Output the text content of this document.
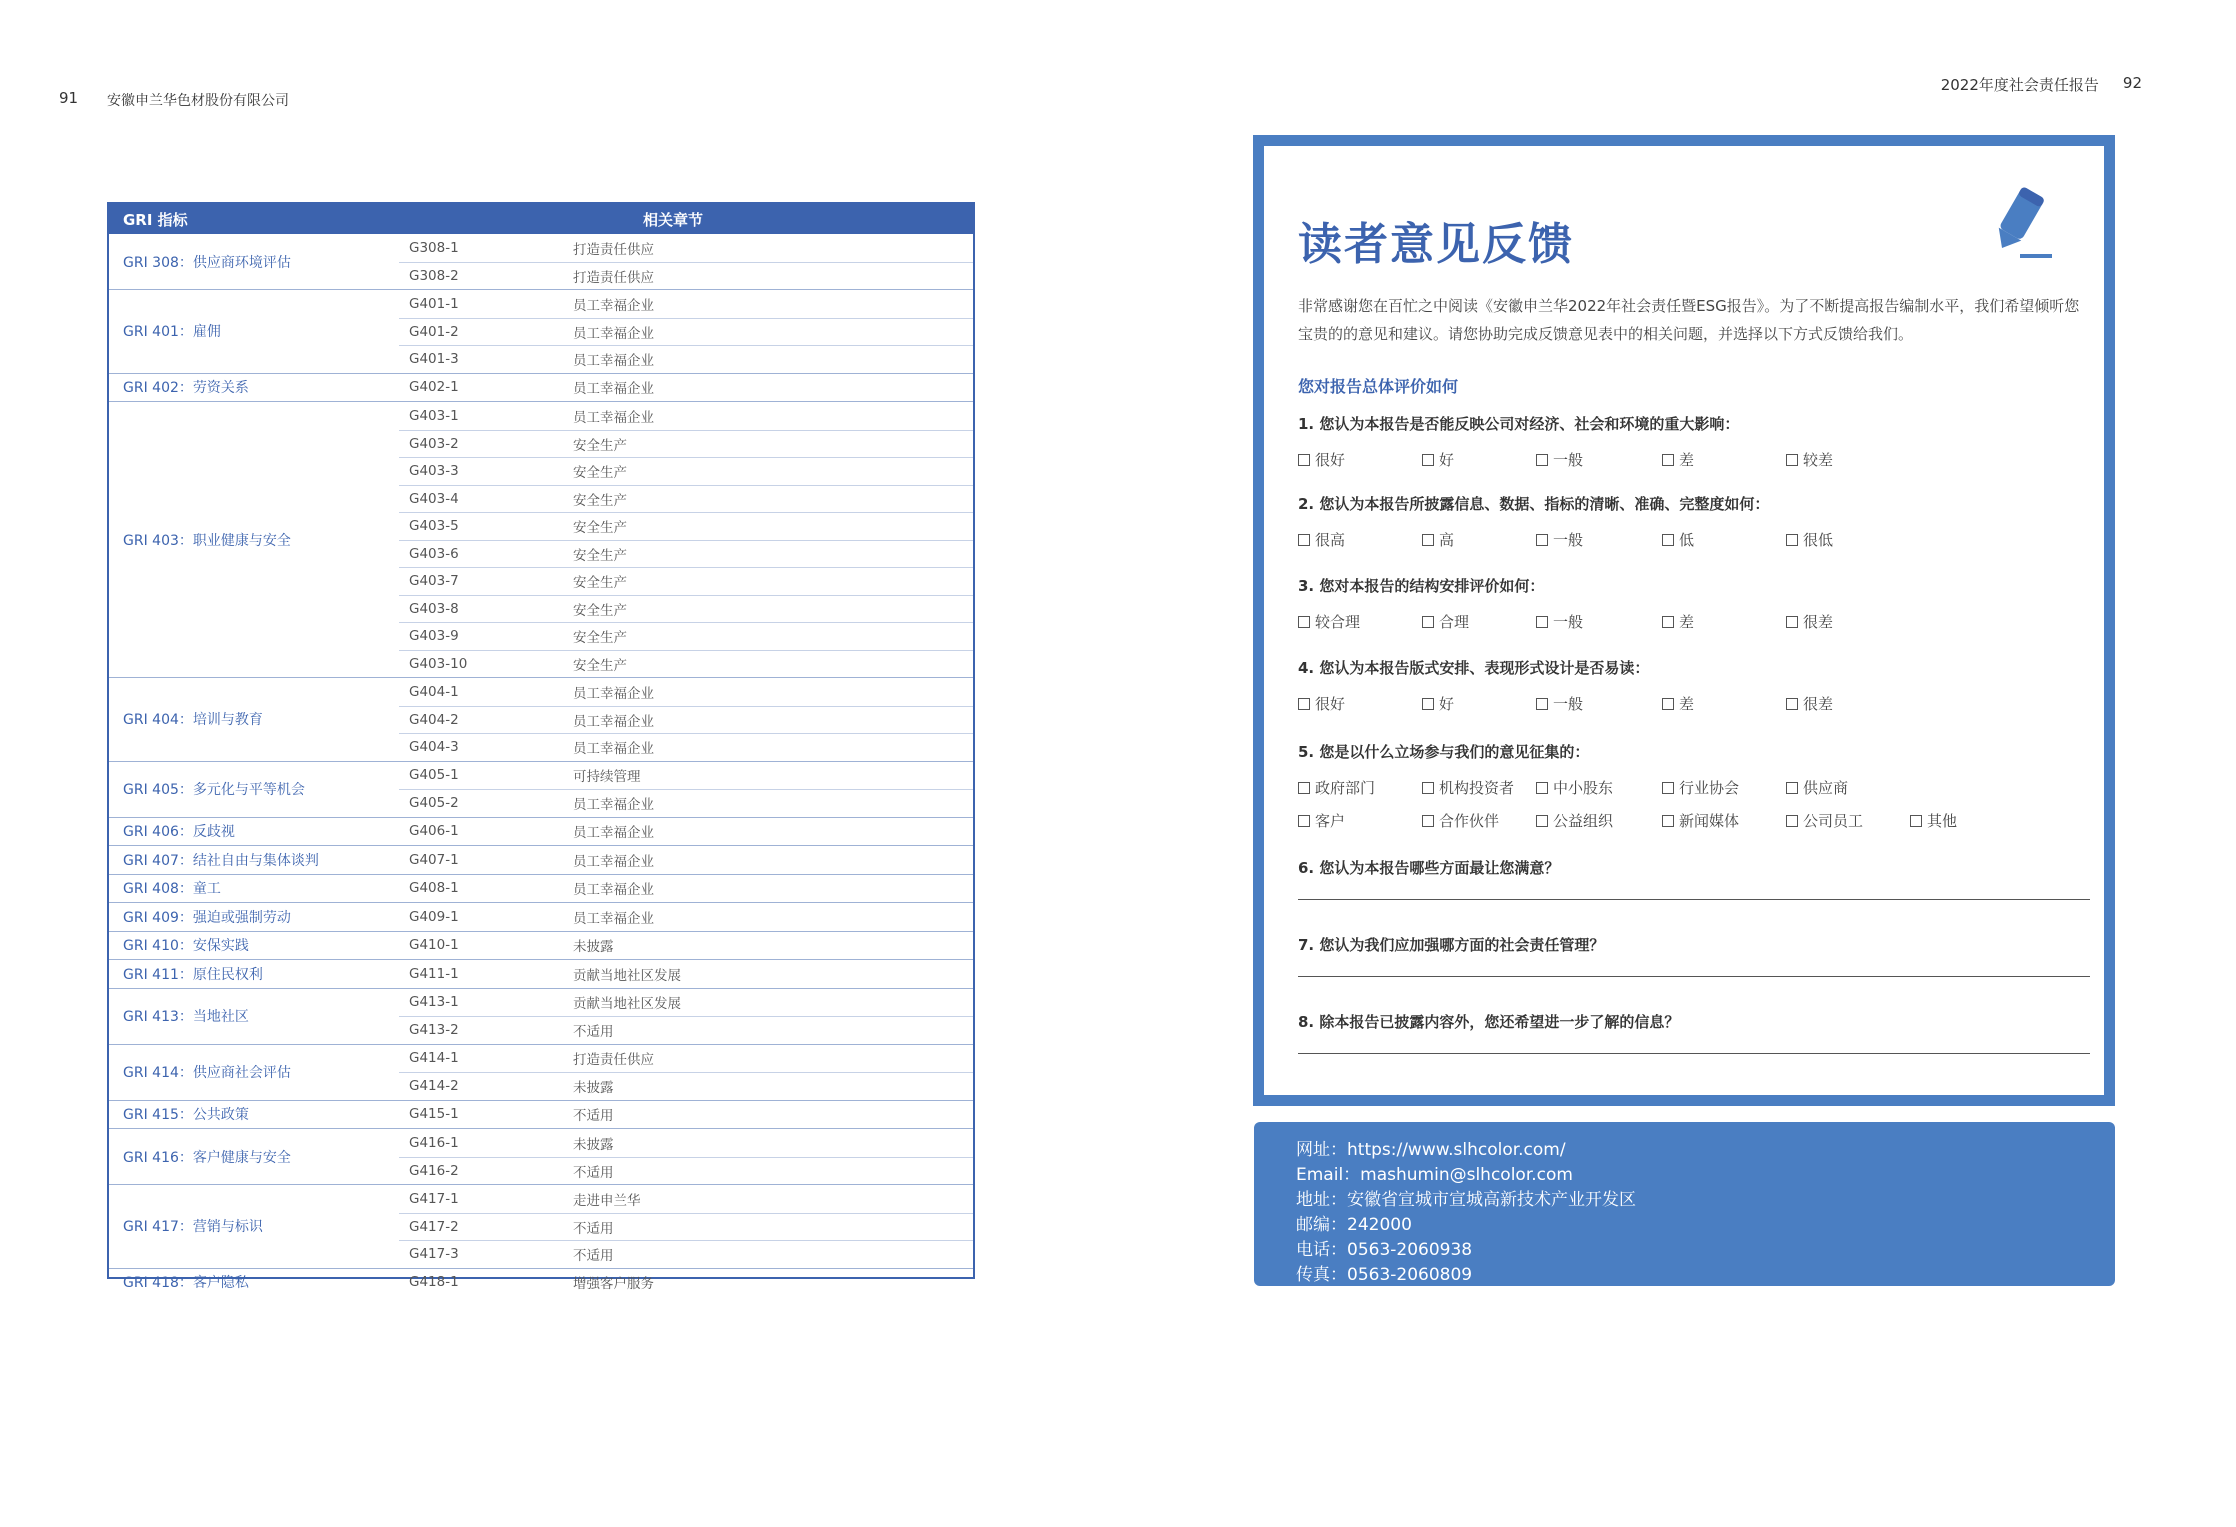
91 安徽申兰华色材股份有限公司
2022年度社会责任报告 92
GRI 指标	相关章节
GRI 308：供应商环境评估
G308-1	打造责任供应
G308-2	打造责任供应
GRI 401：雇佣
G401-1	员工幸福企业
G401-2	员工幸福企业
G401-3	员工幸福企业
GRI 402：劳资关系	G402-1	员工幸福企业
GRI 403：职业健康与安全
G403-1	员工幸福企业
G403-2	安全生产
G403-3	安全生产
G403-4	安全生产
G403-5	安全生产
G403-6	安全生产
G403-7	安全生产
G403-8	安全生产
G403-9	安全生产
G403-10	安全生产
GRI 404：培训与教育
G404-1	员工幸福企业
G404-2	员工幸福企业
G404-3	员工幸福企业
GRI 405：多元化与平等机会
G405-1	可持续管理
G405-2	员工幸福企业
GRI 406：反歧视	G406-1	员工幸福企业
GRI 407：结社自由与集体谈判	G407-1	员工幸福企业
GRI 408：童工	G408-1	员工幸福企业
GRI 409：强迫或强制劳动	G409-1	员工幸福企业
GRI 410：安保实践	G410-1	未披露
GRI 411：原住民权利	G411-1	贡献当地社区发展
GRI 413：当地社区
G413-1	贡献当地社区发展
G413-2	不适用
GRI 414：供应商社会评估
G414-1	打造责任供应
G414-2	未披露
GRI 415：公共政策	G415-1	不适用
GRI 416：客户健康与安全
G416-1	未披露
G416-2	不适用
GRI 417：营销与标识
G417-1	走进申兰华
G417-2	不适用
G417-3	不适用
GRI 418：客户隐私	G418-1	增强客户服务
读者意见反馈
非常感谢您在百忙之中阅读《安徽申兰华2022年社会责任暨ESG报告》。为了不断提高报告编制水平，我们希望倾听您宝贵的的意见和建议。请您协助完成反馈意见表中的相关问题，并选择以下方式反馈给我们。
您对报告总体评价如何
1. 您认为本报告是否能反映公司对经济、社会和环境的重大影响：
很好	好	一般	差	较差
2. 您认为本报告所披露信息、数据、指标的清晰、准确、完整度如何：
很高	高	一般	低	很低
3. 您对本报告的结构安排评价如何：
较合理	合理	一般	差	很差
4. 您认为本报告版式安排、表现形式设计是否易读：
很好	好	一般	差	很差
5. 您是以什么立场参与我们的意见征集的：
政府部门	机构投资者	中小股东	行业协会	供应商
客户	合作伙伴	公益组织	新闻媒体	公司员工	其他
6. 您认为本报告哪些方面最让您满意？
7. 您认为我们应加强哪方面的社会责任管理？
8. 除本报告已披露内容外，您还希望进一步了解的信息？
网址：https://www.slhcolor.com/
Email：mashumin@slhcolor.com
地址：安徽省宣城市宣城高新技术产业开发区
邮编：242000
电话：0563-2060938
传真：0563-2060809
